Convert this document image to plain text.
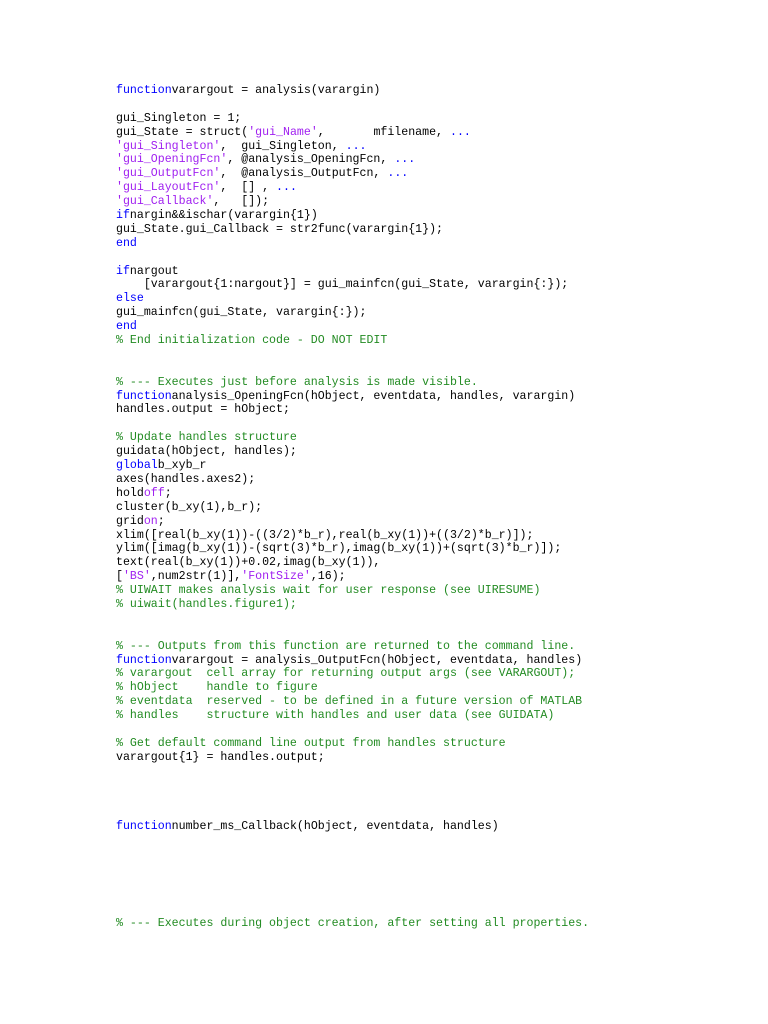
functionvarargout = analysis(varargin)
gui_Singleton = 1;
gui_State = struct('gui_Name',       mfilename, ...
'gui_Singleton',  gui_Singleton, ...
'gui_OpeningFcn', @analysis_OpeningFcn, ...
'gui_OutputFcn',  @analysis_OutputFcn, ...
'gui_LayoutFcn',  [] , ...
'gui_Callback',   []);
ifnargin&&ischar(varargin{1})
gui_State.gui_Callback = str2func(varargin{1});
end
ifnargout
[varargout{1:nargout}] = gui_mainfcn(gui_State, varargin{:});
else
gui_mainfcn(gui_State, varargin{:});
end
% End initialization code - DO NOT EDIT
% --- Executes just before analysis is made visible.
functionanalysis_OpeningFcn(hObject, eventdata, handles, varargin)
handles.output = hObject;
% Update handles structure
guidata(hObject, handles);
globalb_xyb_r
axes(handles.axes2);
holdoff;
cluster(b_xy(1),b_r);
gridon;
xlim([real(b_xy(1))-((3/2)*b_r),real(b_xy(1))+((3/2)*b_r)]);
ylim([imag(b_xy(1))-(sqrt(3)*b_r),imag(b_xy(1))+(sqrt(3)*b_r)]);
text(real(b_xy(1))+0.02,imag(b_xy(1)),
['BS',num2str(1)],'FontSize',16);
% UIWAIT makes analysis wait for user response (see UIRESUME)
% uiwait(handles.figure1);
% --- Outputs from this function are returned to the command line.
functionvarargout = analysis_OutputFcn(hObject, eventdata, handles)
% varargout  cell array for returning output args (see VARARGOUT);
% hObject    handle to figure
% eventdata  reserved - to be defined in a future version of MATLAB
% handles    structure with handles and user data (see GUIDATA)
% Get default command line output from handles structure
varargout{1} = handles.output;
functionnumber_ms_Callback(hObject, eventdata, handles)
% --- Executes during object creation, after setting all properties.
